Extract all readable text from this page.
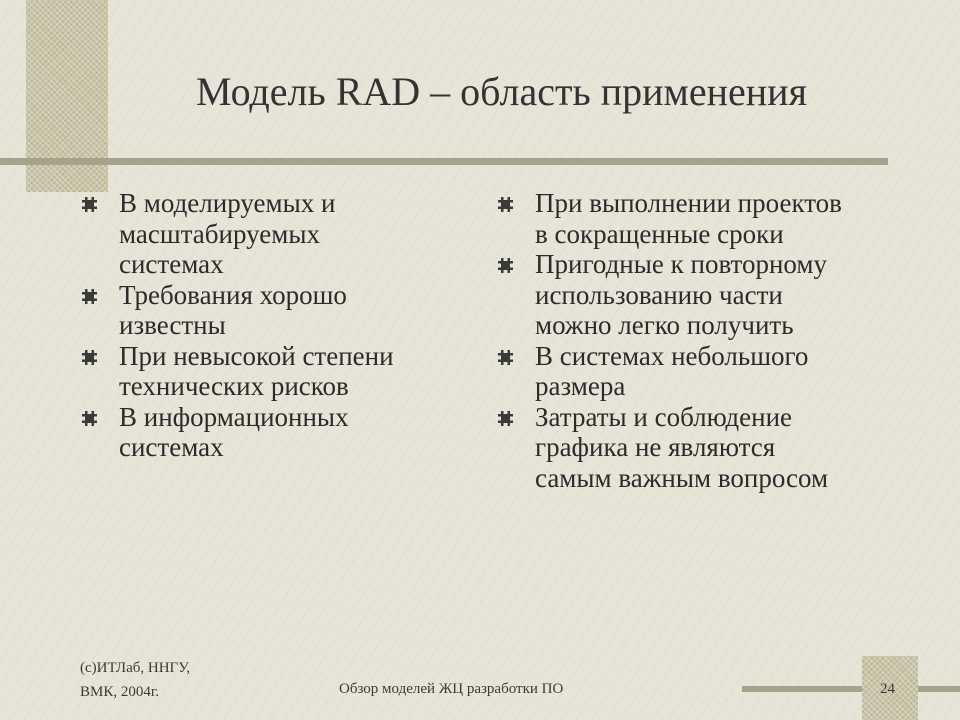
Модель RAD – область применения
В моделируемых и
масштабируемых
системах
Требования хорошо
известны
При невысокой степени
технических рисков
В информационных
системах
При выполнении проектов
в сокращенные сроки
Пригодные к повторному
использованию части
можно легко получить
В системах небольшого
размера
Затраты и соблюдение
графика не являются
самым важным вопросом
(c)ИТЛаб, ННГУ,
ВМК, 2004г.	Обзор моделей ЖЦ разработки ПО	24
